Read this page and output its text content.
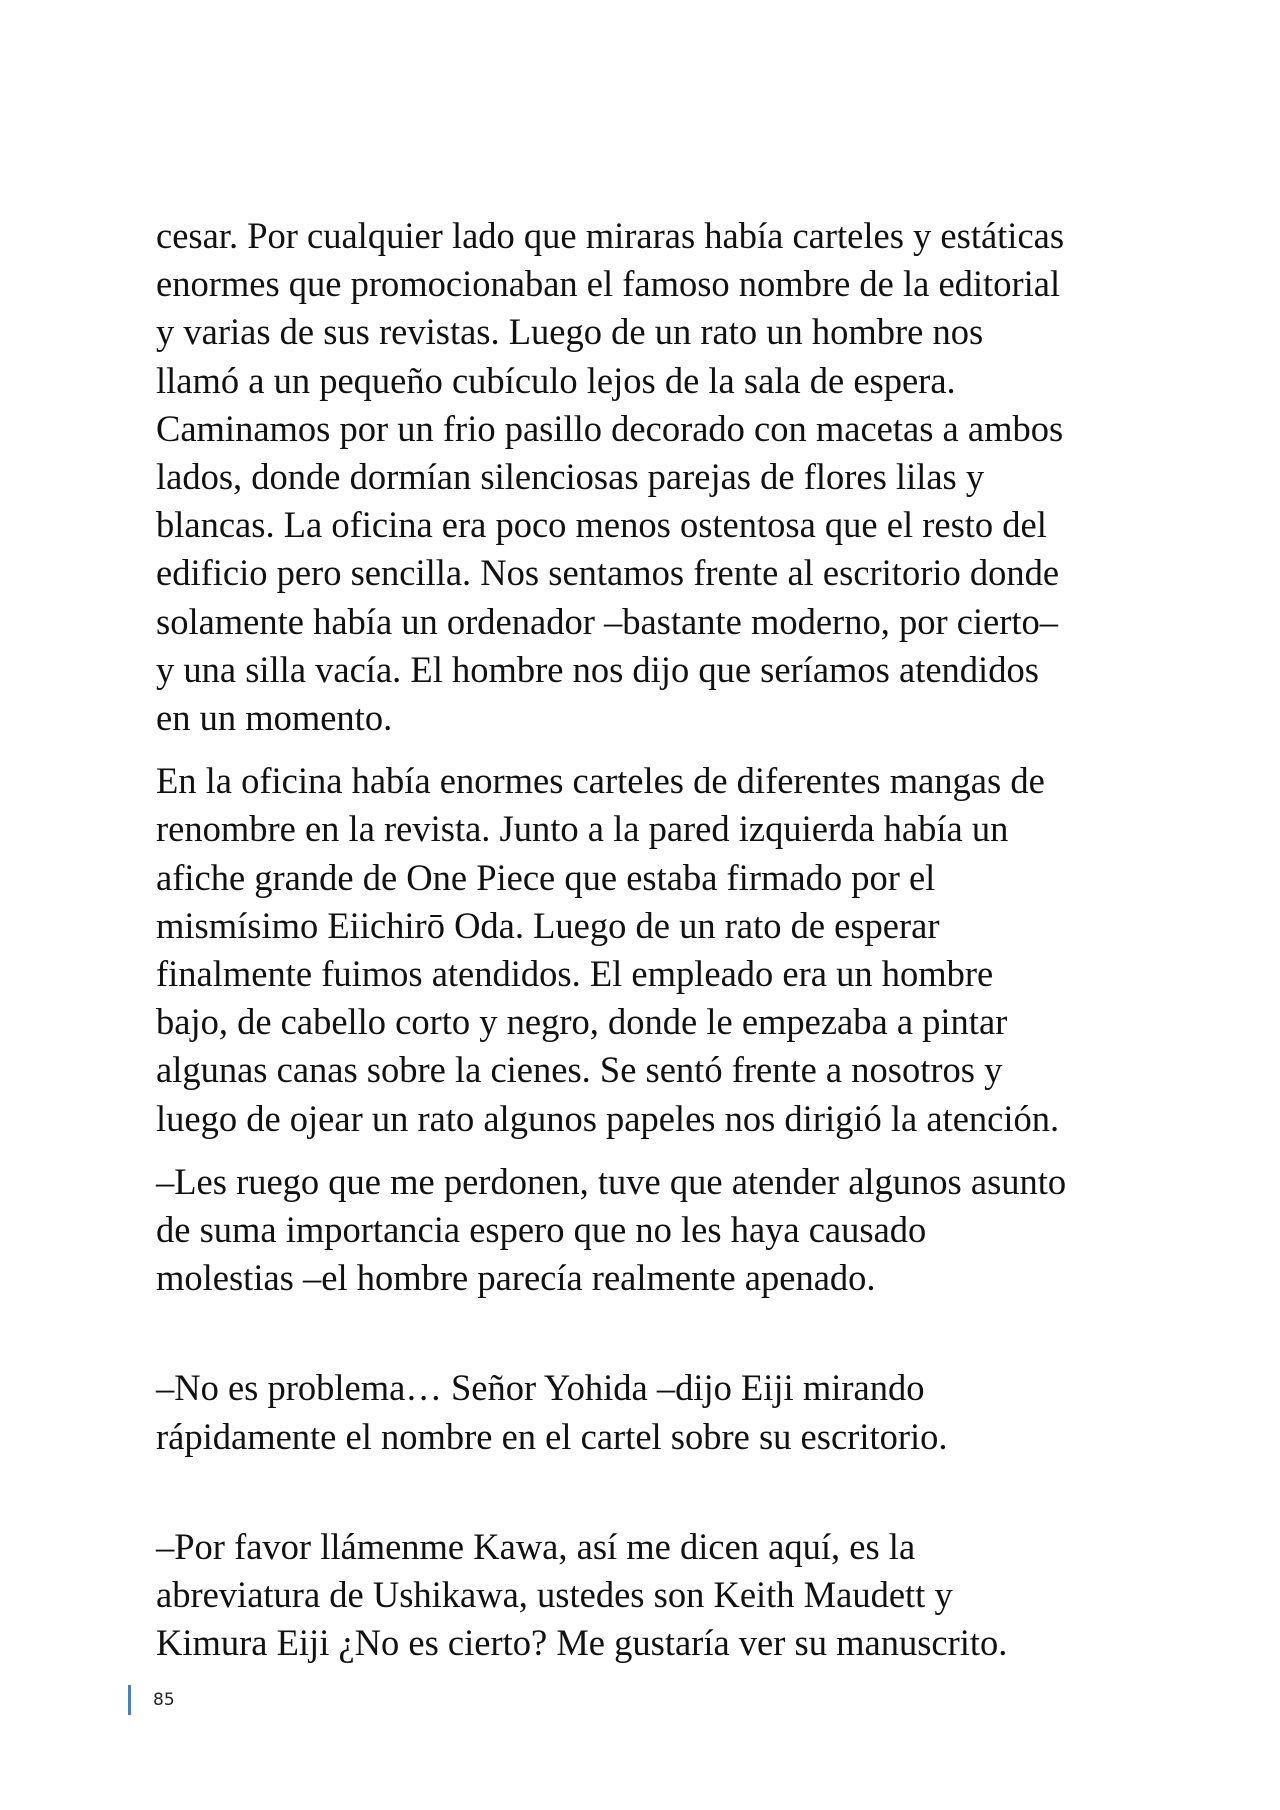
cesar. Por cualquier lado que miraras había carteles y estáticas
enormes que promocionaban el famoso nombre de la editorial
y varias de sus revistas. Luego de un rato un hombre nos
llamó a un pequeño cubículo lejos de la sala de espera.
Caminamos por un frio pasillo decorado con macetas a ambos
lados, donde dormían silenciosas parejas de flores lilas y
blancas. La oficina era poco menos ostentosa que el resto del
edificio pero sencilla. Nos sentamos frente al escritorio donde
solamente había un ordenador –bastante moderno, por cierto–
y una silla vacía. El hombre nos dijo que seríamos atendidos
en un momento.

En la oficina había enormes carteles de diferentes mangas de
renombre en la revista. Junto a la pared izquierda había un
afiche grande de One Piece que estaba firmado por el
mismísimo Eiichirō Oda. Luego de un rato de esperar
finalmente fuimos atendidos. El empleado era un hombre
bajo, de cabello corto y negro, donde le empezaba a pintar
algunas canas sobre la cienes. Se sentó frente a nosotros y
luego de ojear un rato algunos papeles nos dirigió la atención.

–Les ruego que me perdonen, tuve que atender algunos asunto
de suma importancia espero que no les haya causado
molestias –el hombre parecía realmente apenado.

–No es problema… Señor Yohida –dijo Eiji mirando
rápidamente el nombre en el cartel sobre su escritorio.

–Por favor llámenme Kawa, así me dicen aquí, es la
abreviatura de Ushikawa, ustedes son Keith Maudett y
Kimura Eiji ¿No es cierto? Me gustaría ver su manuscrito.

85
